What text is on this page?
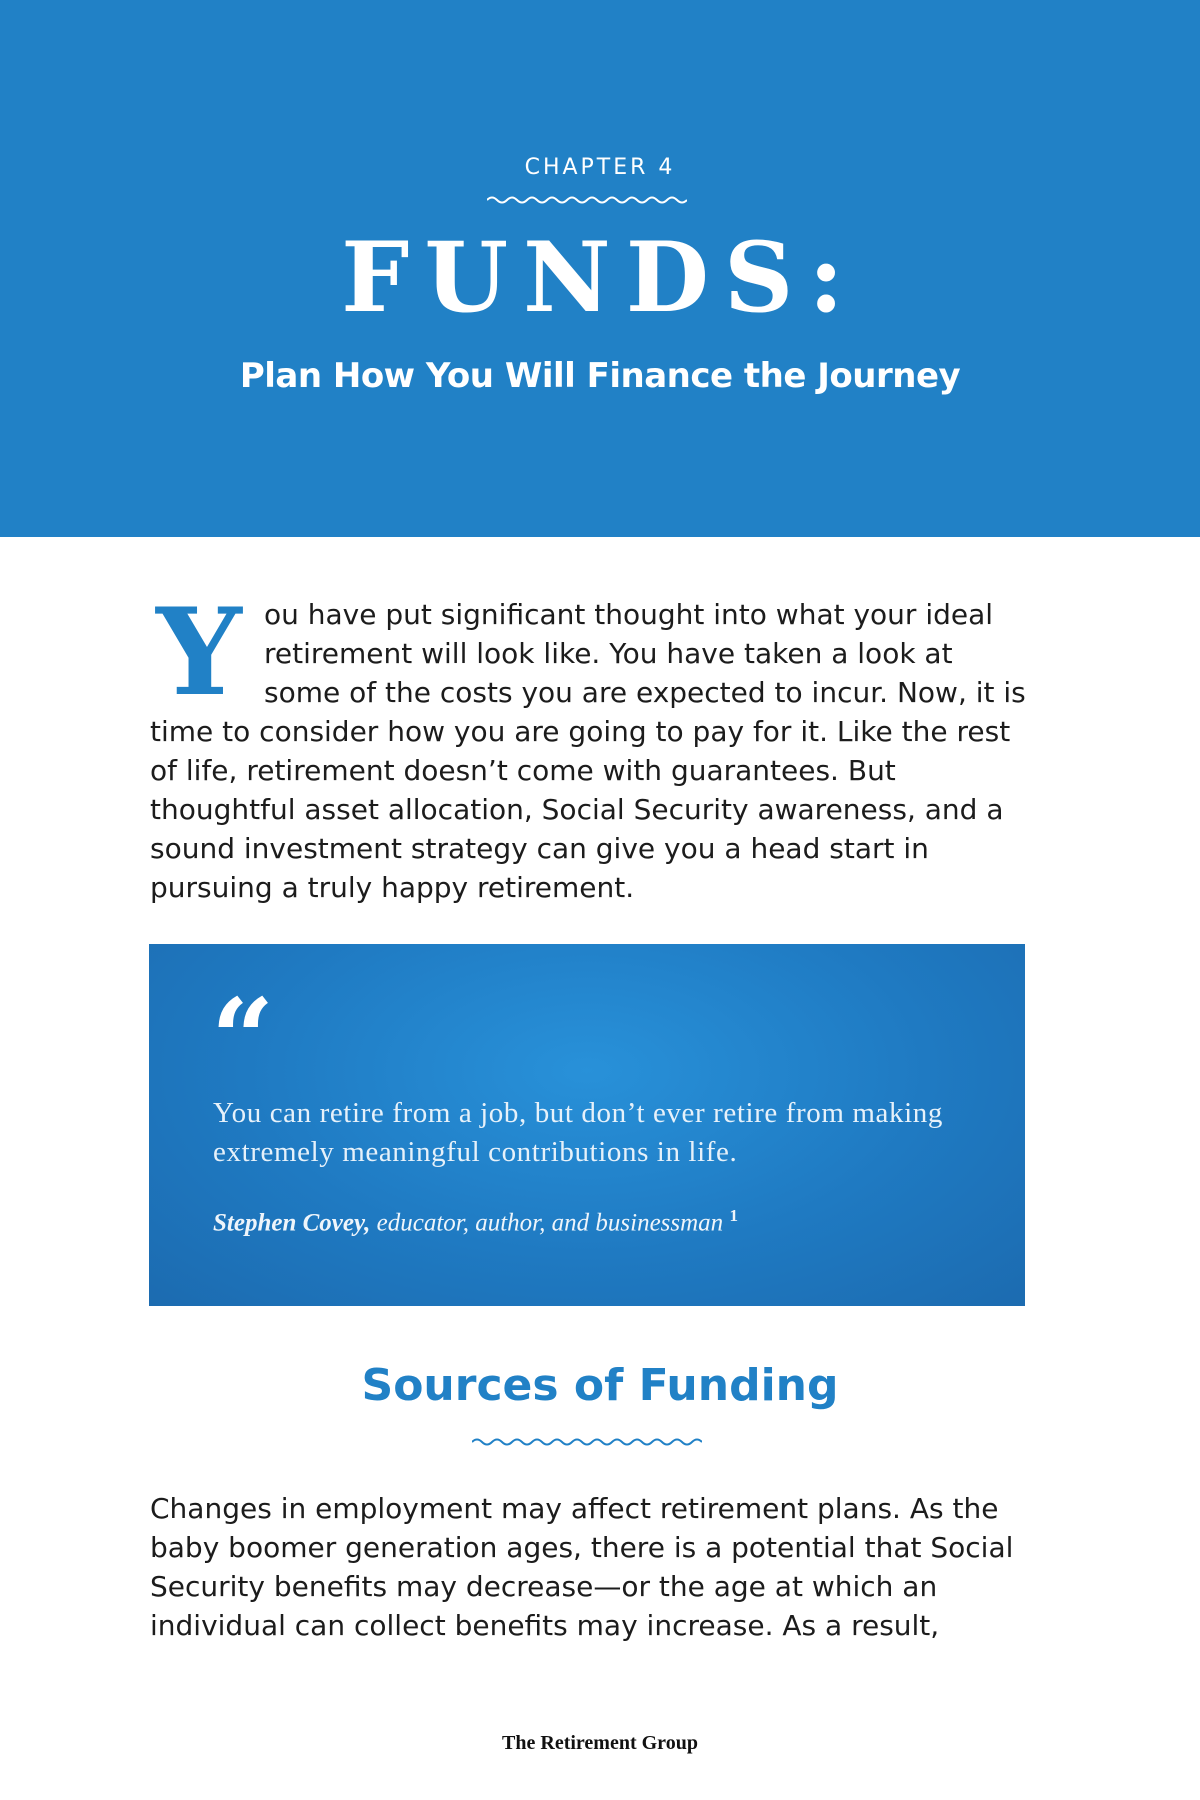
CHAPTER 4
FUNDS:
Plan How You Will Finance the Journey
Y ou have put significant thought into what your ideal retirement will look like. You have taken a look at some of the costs you are expected to incur. Now, it is time to consider how you are going to pay for it. Like the rest of life, retirement doesn’t come with guarantees. But thoughtful asset allocation, Social Security awareness, and a sound investment strategy can give you a head start in pursuing a truly happy retirement.
“
You can retire from a job, but don’t ever retire from making extremely meaningful contributions in life.
Stephen Covey, educator, author, and businessman $^1$
Sources of Funding
Changes in employment may affect retirement plans. As the baby boomer generation ages, there is a potential that Social Security benefits may decrease—or the age at which an individual can collect benefits may increase. As a result,
The Retirement Group
